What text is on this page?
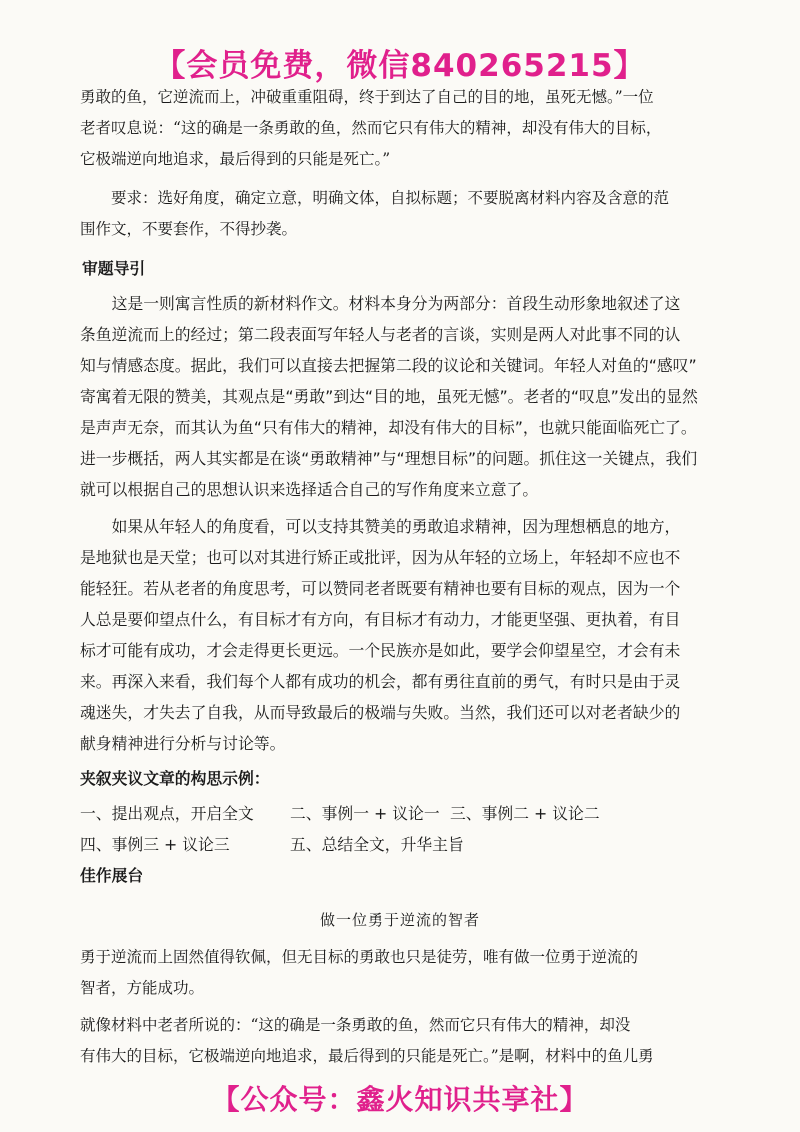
【会员免费，微信840265215】

勇敢的鱼，它逆流而上，冲破重重阻碍，终于到达了自己的目的地，虽死无憾。”一位

老者叹息说：“这的确是一条勇敢的鱼，然而它只有伟大的精神，却没有伟大的目标，

它极端逆向地追求，最后得到的只能是死亡。”

要求：选好角度，确定立意，明确文体，自拟标题；不要脱离材料内容及含意的范

围作文，不要套作，不得抄袭。

审题导引

这是一则寓言性质的新材料作文。材料本身分为两部分：首段生动形象地叙述了这

条鱼逆流而上的经过；第二段表面写年轻人与老者的言谈，实则是两人对此事不同的认

知与情感态度。据此，我们可以直接去把握第二段的议论和关键词。年轻人对鱼的“感叹”

寄寓着无限的赞美，其观点是“勇敢”到达“目的地，虽死无憾”。老者的“叹息”发出的显然

是声声无奈，而其认为鱼“只有伟大的精神，却没有伟大的目标”，也就只能面临死亡了。

进一步概括，两人其实都是在谈“勇敢精神”与“理想目标”的问题。抓住这一关键点，我们

就可以根据自己的思想认识来选择适合自己的写作角度来立意了。

如果从年轻人的角度看，可以支持其赞美的勇敢追求精神，因为理想栖息的地方，

是地狱也是天堂；也可以对其进行矫正或批评，因为从年轻的立场上，年轻却不应也不

能轻狂。若从老者的角度思考，可以赞同老者既要有精神也要有目标的观点，因为一个

人总是要仰望点什么，有目标才有方向，有目标才有动力，才能更坚强、更执着，有目

标才可能有成功，才会走得更长更远。一个民族亦是如此，要学会仰望星空，才会有未

来。再深入来看，我们每个人都有成功的机会，都有勇往直前的勇气，有时只是由于灵

魂迷失，才失去了自我，从而导致最后的极端与失败。当然，我们还可以对老者缺少的

献身精神进行分析与讨论等。

夹叙夹议文章的构思示例：

一、提出观点，开启全文	二、事例一 + 议论一 三、事例二 + 议论二
四、事例三 + 议论三	五、总结全文，升华主旨

佳作展台

做一位勇于逆流的智者

勇于逆流而上固然值得钦佩，但无目标的勇敢也只是徒劳，唯有做一位勇于逆流的

智者，方能成功。

就像材料中老者所说的：“这的确是一条勇敢的鱼，然而它只有伟大的精神，却没

有伟大的目标，它极端逆向地追求，最后得到的只能是死亡。”是啊，材料中的鱼儿勇

【公众号：鑫火知识共享社】
